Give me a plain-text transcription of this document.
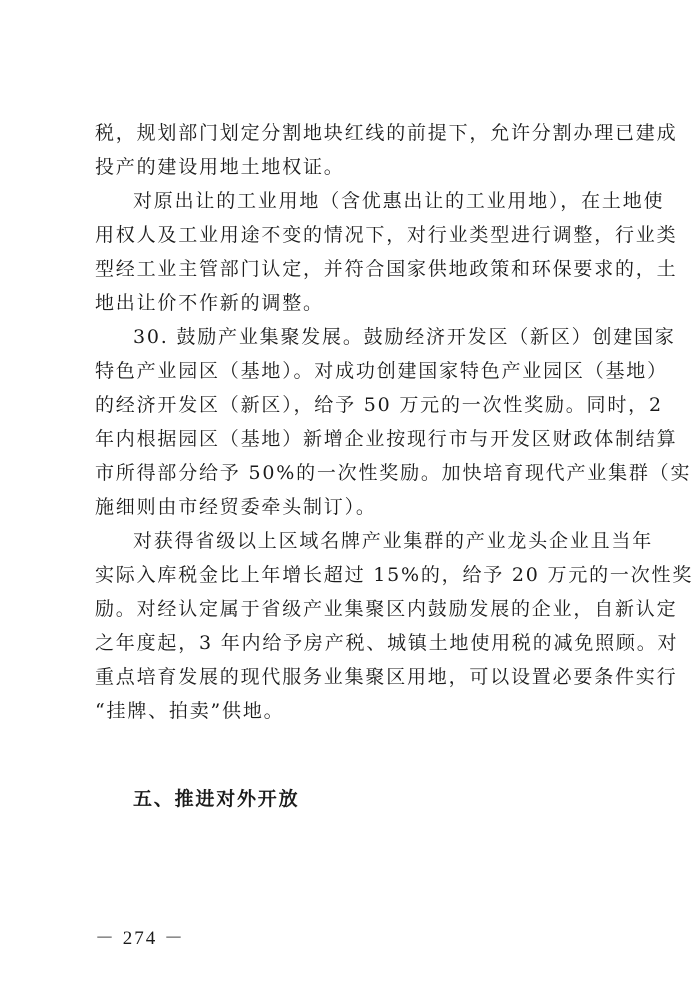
税，规划部门划定分割地块红线的前提下，允许分割办理已建成
投产的建设用地土地权证。
对原出让的工业用地（含优惠出让的工业用地），在土地使
用权人及工业用途不变的情况下，对行业类型进行调整，行业类
型经工业主管部门认定，并符合国家供地政策和环保要求的，土
地出让价不作新的调整。
30. 鼓励产业集聚发展。鼓励经济开发区（新区）创建国家
特色产业园区（基地）。对成功创建国家特色产业园区（基地）
的经济开发区（新区），给予 50 万元的一次性奖励。同时，2
年内根据园区（基地）新增企业按现行市与开发区财政体制结算
市所得部分给予 50%的一次性奖励。加快培育现代产业集群（实
施细则由市经贸委牵头制订）。
对获得省级以上区域名牌产业集群的产业龙头企业且当年
实际入库税金比上年增长超过 15%的，给予 20 万元的一次性奖
励。对经认定属于省级产业集聚区内鼓励发展的企业，自新认定
之年度起，3 年内给予房产税、城镇土地使用税的减免照顾。对
重点培育发展的现代服务业集聚区用地，可以设置必要条件实行
“挂牌、拍卖”供地。
五、推进对外开放
－ 274 －
